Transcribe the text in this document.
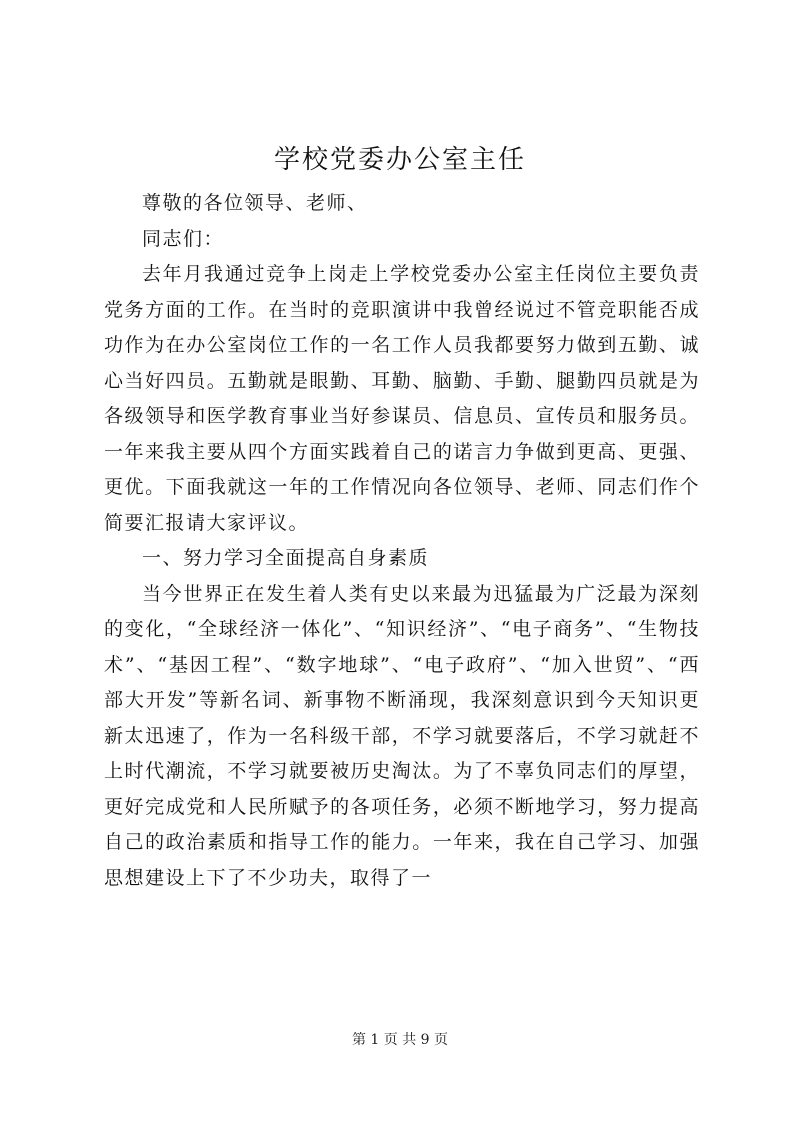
学校党委办公室主任

尊敬的各位领导、老师、

同志们：

去年月我通过竞争上岗走上学校党委办公室主任岗位主要负责党务方面的工作。在当时的竞职演讲中我曾经说过不管竞职能否成功作为在办公室岗位工作的一名工作人员我都要努力做到五勤、诚心当好四员。五勤就是眼勤、耳勤、脑勤、手勤、腿勤四员就是为各级领导和医学教育事业当好参谋员、信息员、宣传员和服务员。一年来我主要从四个方面实践着自己的诺言力争做到更高、更强、更优。下面我就这一年的工作情况向各位领导、老师、同志们作个简要汇报请大家评议。

一、努力学习全面提高自身素质

当今世界正在发生着人类有史以来最为迅猛最为广泛最为深刻的变化，“全球经济一体化”、“知识经济”、“电子商务”、“生物技术”、“基因工程”、“数字地球”、“电子政府”、“加入世贸”、“西部大开发”等新名词、新事物不断涌现，我深刻意识到今天知识更新太迅速了，作为一名科级干部，不学习就要落后，不学习就赶不上时代潮流，不学习就要被历史淘汰。为了不辜负同志们的厚望，更好完成党和人民所赋予的各项任务，必须不断地学习，努力提高自己的政治素质和指导工作的能力。一年来，我在自己学习、加强思想建设上下了不少功夫，取得了一

第 1 页 共 9 页
